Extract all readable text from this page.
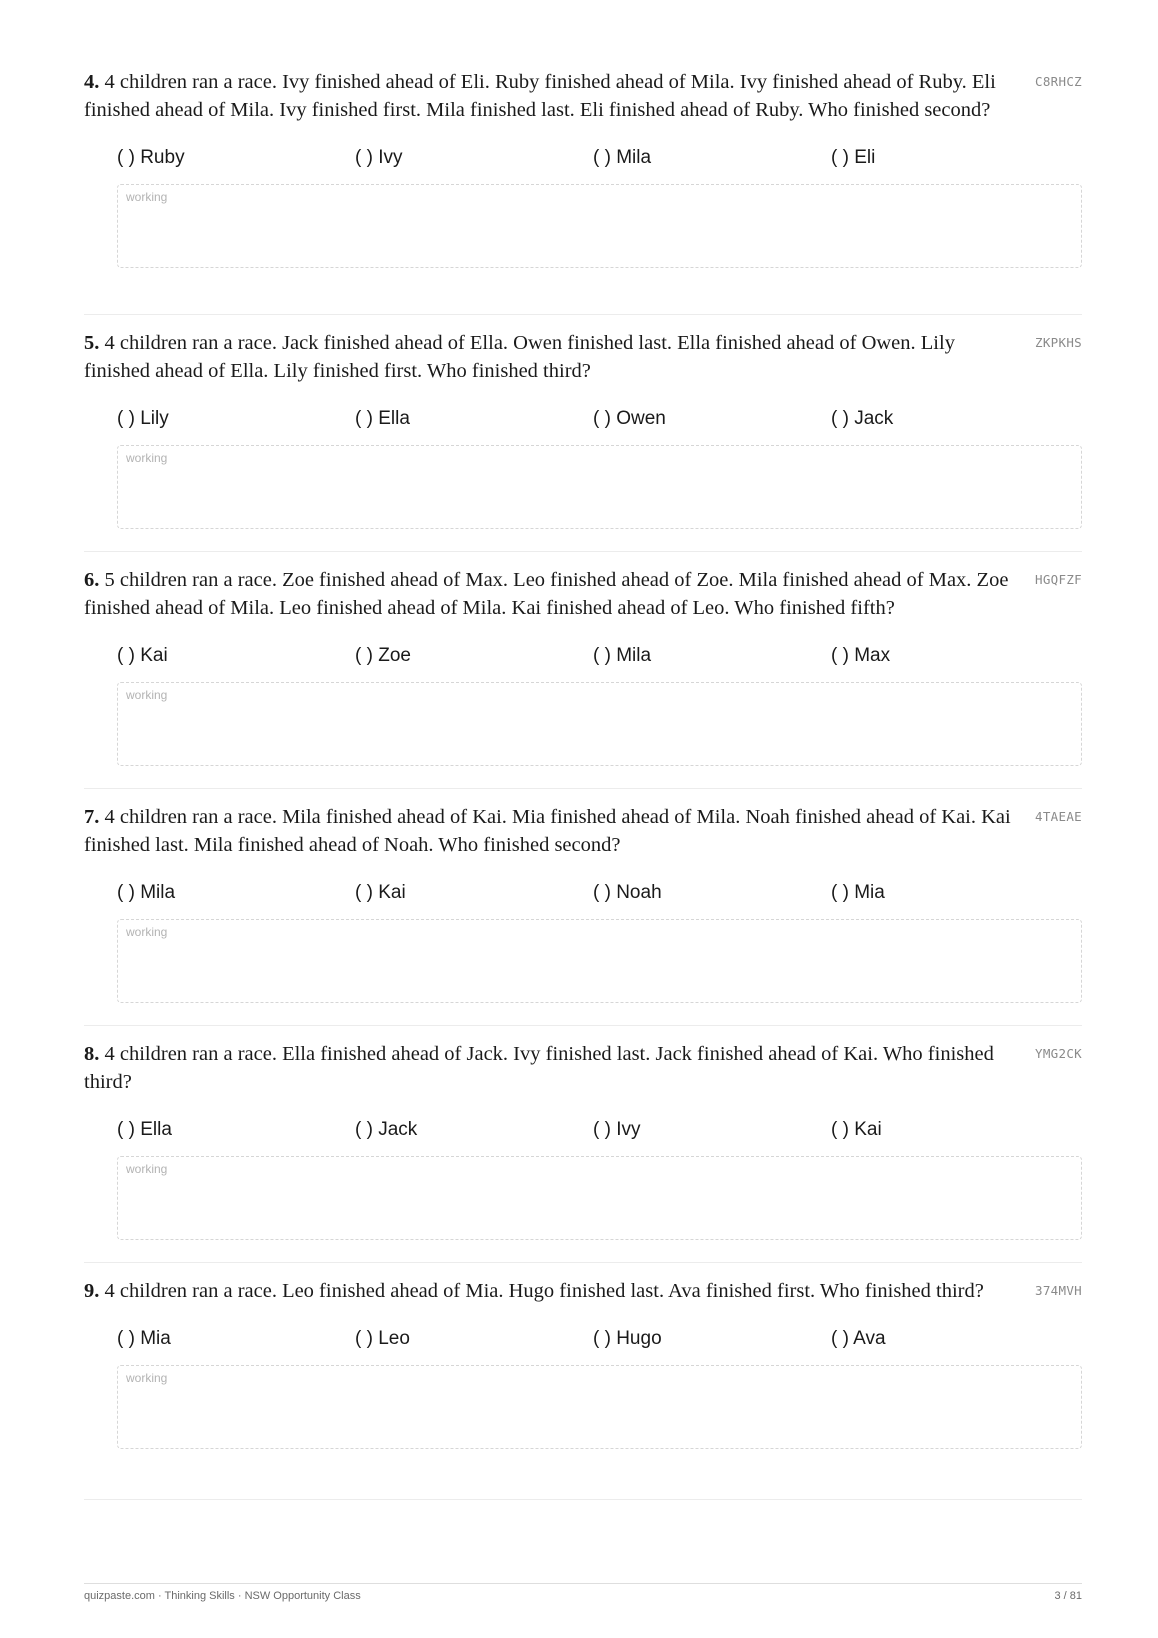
4. 4 children ran a race. Ivy finished ahead of Eli. Ruby finished ahead of Mila. Ivy finished ahead of Ruby. Eli finished ahead of Mila. Ivy finished first. Mila finished last. Eli finished ahead of Ruby. Who finished second?

C8RHCZ
( ) Ruby	( ) Ivy	( ) Mila	( ) Eli
working

5. 4 children ran a race. Jack finished ahead of Ella. Owen finished last. Ella finished ahead of Owen. Lily finished ahead of Ella. Lily finished first. Who finished third?

ZKPKHS
( ) Lily	( ) Ella	( ) Owen	( ) Jack
working

6. 5 children ran a race. Zoe finished ahead of Max. Leo finished ahead of Zoe. Mila finished ahead of Max. Zoe finished ahead of Mila. Leo finished ahead of Mila. Kai finished ahead of Leo. Who finished fifth?

HGQFZF
( ) Kai	( ) Zoe	( ) Mila	( ) Max
working

7. 4 children ran a race. Mila finished ahead of Kai. Mia finished ahead of Mila. Noah finished ahead of Kai. Kai finished last. Mila finished ahead of Noah. Who finished second?

4TAEAE
( ) Mila	( ) Kai	( ) Noah	( ) Mia
working

8. 4 children ran a race. Ella finished ahead of Jack. Ivy finished last. Jack finished ahead of Kai. Who finished third?

YMG2CK
( ) Ella	( ) Jack	( ) Ivy	( ) Kai
working

9. 4 children ran a race. Leo finished ahead of Mia. Hugo finished last. Ava finished first. Who finished third?	374MVH
( ) Mia	( ) Leo	( ) Hugo	( ) Ava
working
quizpaste.com · Thinking Skills · NSW Opportunity Class	3 / 81
